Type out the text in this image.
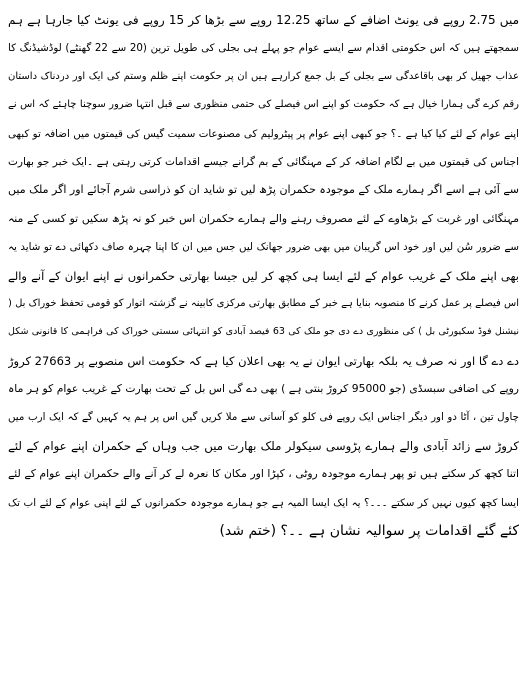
میں 2.75 روپے فی یونٹ اضافے کے ساتھ 12.25 روپے سے بڑھا کر 15 روپے فی یونٹ کیا جارہا ہے ہم
سمجھتے ہیں کہ اس حکومتی اقدام سے ایسے عوام جو پہلے ہی بجلی کی طویل ترین (20 سے 22 گھنٹے) لوڈشیڈنگ کا
عذاب جھیل کر بھی باقاعدگی سے بجلی کے بل جمع کرارہے ہیں ان پر حکومت اپنے ظلم وستم کی ایک اور دردناک داستان
رقم کرے گی ہمارا خیال ہے کہ حکومت کو اپنے اس فیصلے کی حتمی منظوری سے قبل انتہا ضرور سوچنا چاہئے کہ اس نے
اپنے عوام کے لئے کیا کیا ہے ۔؟ جو کبھی اپنے عوام پر پیٹرولیم کی مصنوعات سمیت گیس کی قیمتوں میں اضافہ تو کبھی
اجناس کی قیمتوں میں بے لگام اضافہ کر کے مہنگائی کے بم گرانے جیسے اقدامات کرتی رہتی ہے ۔ایک خبر جو بھارت
سے آئی ہے اسے اگر ہمارے ملک کے موجودہ حکمران پڑھ لیں تو شاید ان کو ذراسی شرم آجائے اور اگر ملک میں
مہنگائی اور غربت کے بڑھاوے کے لئے مصروف رہنے والے ہمارے حکمران اس خبر کو نہ پڑھ سکیں تو کسی کے منہ
سے ضرور سُن لیں اور خود اس گریبان میں بھی ضرور جھانک لیں جس میں ان کا اپنا چہرہ صاف دکھائی دے تو شاید یہ
بھی اپنے ملک کے غریب عوام کے لئے ایسا ہی کچھ کر لیں جیسا بھارتی حکمرانوں نے اپنے ایوان کے آنے والے
اس فیصلے پر عمل کرنے کا منصوبہ بنایا ہے خبر کے مطابق بھارتی مرکزی کابینہ نے گزشتہ اتوار کو قومی تحفظ خوراک بل (
نیشنل فوڈ سکیورٹی بل ) کی منظوری دے دی جو ملک کی 63 فیصد آبادی کو انتہائی سستی خوراک کی فراہمی کا قانونی شکل
دے دے گا اور نہ صرف یہ بلکہ بھارتی ایوان نے یہ بھی اعلان کیا ہے کہ حکومت اس منصوبے پر 27663 کروڑ
روپے کی اضافی سبسڈی (جو 95000 کروڑ بنتی ہے ) بھی دے گی اس بل کے تحت بھارت کے غریب عوام کو ہر ماہ
چاول تین ، آٹا دو اور دیگر اجناس ایک روپے فی کلو کو آسانی سے ملا کریں گیں اس پر ہم یہ کہیں گے کہ ایک ارب میں
کروڑ سے زائد آبادی والے ہمارے پڑوسی سیکولر ملک بھارت میں جب وہاں کے حکمران اپنے عوام کے لئے
اتنا کچھ کر سکتے ہیں تو پھر ہمارے موجودہ روٹی ، کپڑا اور مکان کا نعرہ لے کر آنے والے حکمران اپنے عوام کے لئے
ایسا کچھ کیوں نہیں کر سکتے ۔۔۔؟ یہ ایک ایسا المیہ ہے جو ہمارے موجودہ حکمرانوں کے لئے اپنی عوام کے لئے اب تک
کئے گئے اقدامات پر سوالیہ نشان ہے ۔۔؟ (ختم شد)
